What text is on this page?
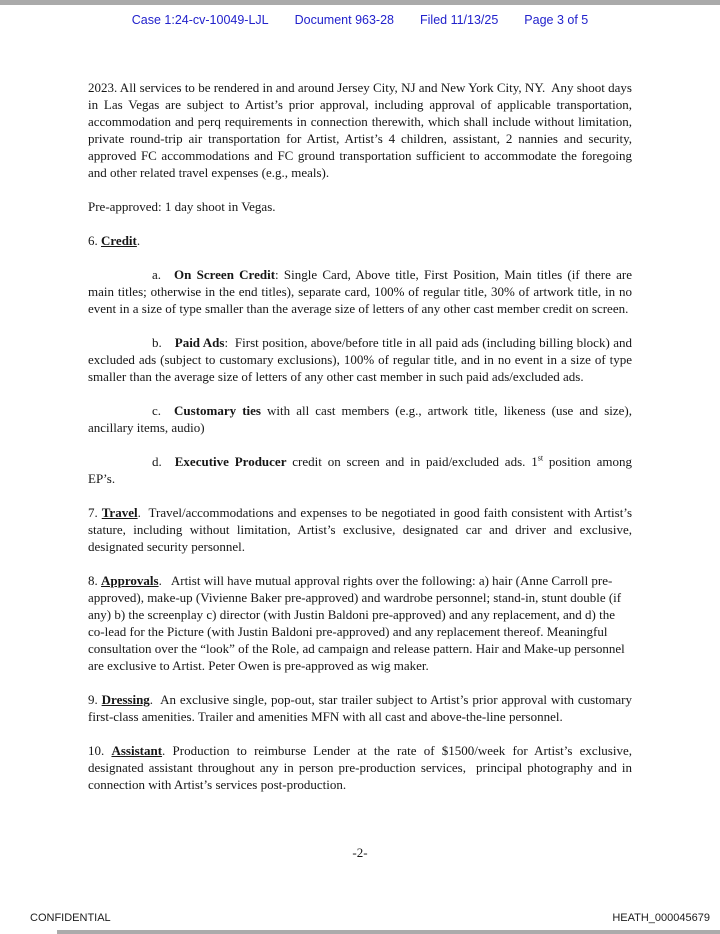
Case 1:24-cv-10049-LJL Document 963-28 Filed 11/13/25 Page 3 of 5

2023. All services to be rendered in and around Jersey City, NJ and New York City, NY.  Any shoot days in Las Vegas are subject to Artist’s prior approval, including approval of applicable transportation, accommodation and perq requirements in connection therewith, which shall include without limitation, private round-trip air transportation for Artist, Artist’s 4 children, assistant, 2 nannies and security, approved FC accommodations and FC ground transportation sufficient to accommodate the foregoing and other related travel expenses (e.g., meals).

Pre-approved: 1 day shoot in Vegas.

6. Credit.

a. On Screen Credit: Single Card, Above title, First Position, Main titles (if there are main titles; otherwise in the end titles), separate card, 100% of regular title, 30% of artwork title, in no event in a size of type smaller than the average size of letters of any other cast member credit on screen.

b. Paid Ads:  First position, above/before title in all paid ads (including billing block) and excluded ads (subject to customary exclusions), 100% of regular title, and in no event in a size of type smaller than the average size of letters of any other cast member in such paid ads/excluded ads.

c. Customary ties with all cast members (e.g., artwork title, likeness (use and size), ancillary items, audio)

d. Executive Producer credit on screen and in paid/excluded ads. 1st position among EP’s.

7. Travel.  Travel/accommodations and expenses to be negotiated in good faith consistent with Artist’s stature, including without limitation, Artist’s exclusive, designated car and driver and exclusive, designated security personnel.

8. Approvals.   Artist will have mutual approval rights over the following: a) hair (Anne Carroll pre-approved), make-up (Vivienne Baker pre-approved) and wardrobe personnel; stand-in, stunt double (if any) b) the screenplay c) director (with Justin Baldoni pre-approved) and any replacement, and d) the co-lead for the Picture (with Justin Baldoni pre-approved) and any replacement thereof. Meaningful consultation over the “look” of the Role, ad campaign and release pattern. Hair and Make-up personnel are exclusive to Artist. Peter Owen is pre-approved as wig maker.

9. Dressing.  An exclusive single, pop-out, star trailer subject to Artist’s prior approval with customary first-class amenities. Trailer and amenities MFN with all cast and above-the-line personnel.

10. Assistant. Production to reimburse Lender at the rate of $1500/week for Artist’s exclusive, designated assistant throughout any in person pre-production services,  principal photography and in connection with Artist’s services post-production.

-2-
CONFIDENTIAL	HEATH_000045679
